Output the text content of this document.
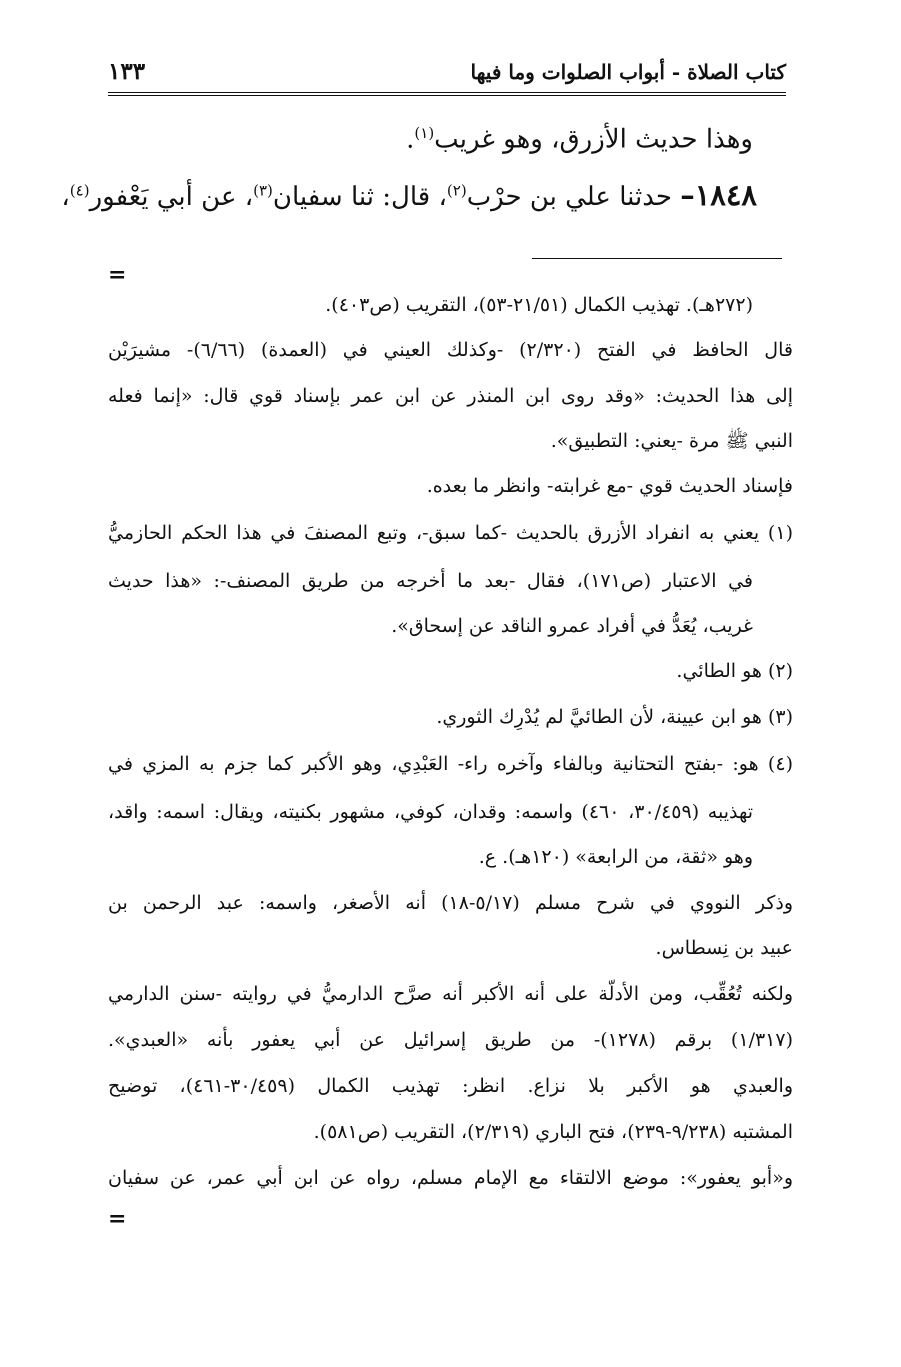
كتاب الصلاة - أبواب الصلوات وما فيها
١٣٣
وهذا حديث الأزرق، وهو غريب$^{(١)}$.
١٨٤٨– حدثنا علي بن حرْب$^{(٢)}$، قال: ثنا سفيان$^{(٣)}$، عن أبي يَعْفور$^{(٤)}$،
=
(٢٧٢هـ). تهذيب الكمال (٢١/٥١-٥٣)، التقريب (ص٤٠٣).
قال الحافظ في الفتح (٢/٣٢٠) -وكذلك العيني في (العمدة) (٦/٦٦)- مشيرَيْن
إلى هذا الحديث: «وقد روى ابن المنذر عن ابن عمر بإسناد قوي قال: «إنما فعله
النبي ﷺ مرة -يعني: التطبيق».
فإسناد الحديث قوي -مع غرابته- وانظر ما بعده.
(١) يعني به انفراد الأزرق بالحديث -كما سبق-، وتبع المصنفَ في هذا الحكم الحازميُّ
في الاعتبار (ص١٧١)، فقال -بعد ما أخرجه من طريق المصنف-: «هذا حديث
غريب، يُعَدُّ في أفراد عمرو الناقد عن إسحاق».
(٢) هو الطائي.
(٣) هو ابن عيينة، لأن الطائيَّ لم يُدْرِك الثوري.
(٤) هو: -بفتح التحتانية وبالفاء وآخره راء- العَبْدِي، وهو الأكبر كما جزم به المزي في
تهذيبه (٣٠/٤٥٩، ٤٦٠) واسمه: وقدان، كوفي، مشهور بكنيته، ويقال: اسمه: واقد،
وهو «ثقة، من الرابعة» (١٢٠هـ). ع.
وذكر النووي في شرح مسلم (٥/١٧-١٨) أنه الأصغر، واسمه: عبد الرحمن بن
عبيد بن نِسطاس.
ولكنه تُعُقِّب، ومن الأدلّة على أنه الأكبر أنه صرَّح الدارميُّ في روايته -سنن الدارمي
(١/٣١٧) برقم (١٢٧٨)- من طريق إسرائيل عن أبي يعفور بأنه «العبدي».
والعبدي هو الأكبر بلا نزاع. انظر: تهذيب الكمال (٣٠/٤٥٩-٤٦١)، توضيح
المشتبه (٩/٢٣٨-٢٣٩)، فتح الباري (٢/٣١٩)، التقريب (ص٥٨١).
و«أبو يعفور»: موضع الالتقاء مع الإمام مسلم، رواه عن ابن أبي عمر، عن سفيان
=
